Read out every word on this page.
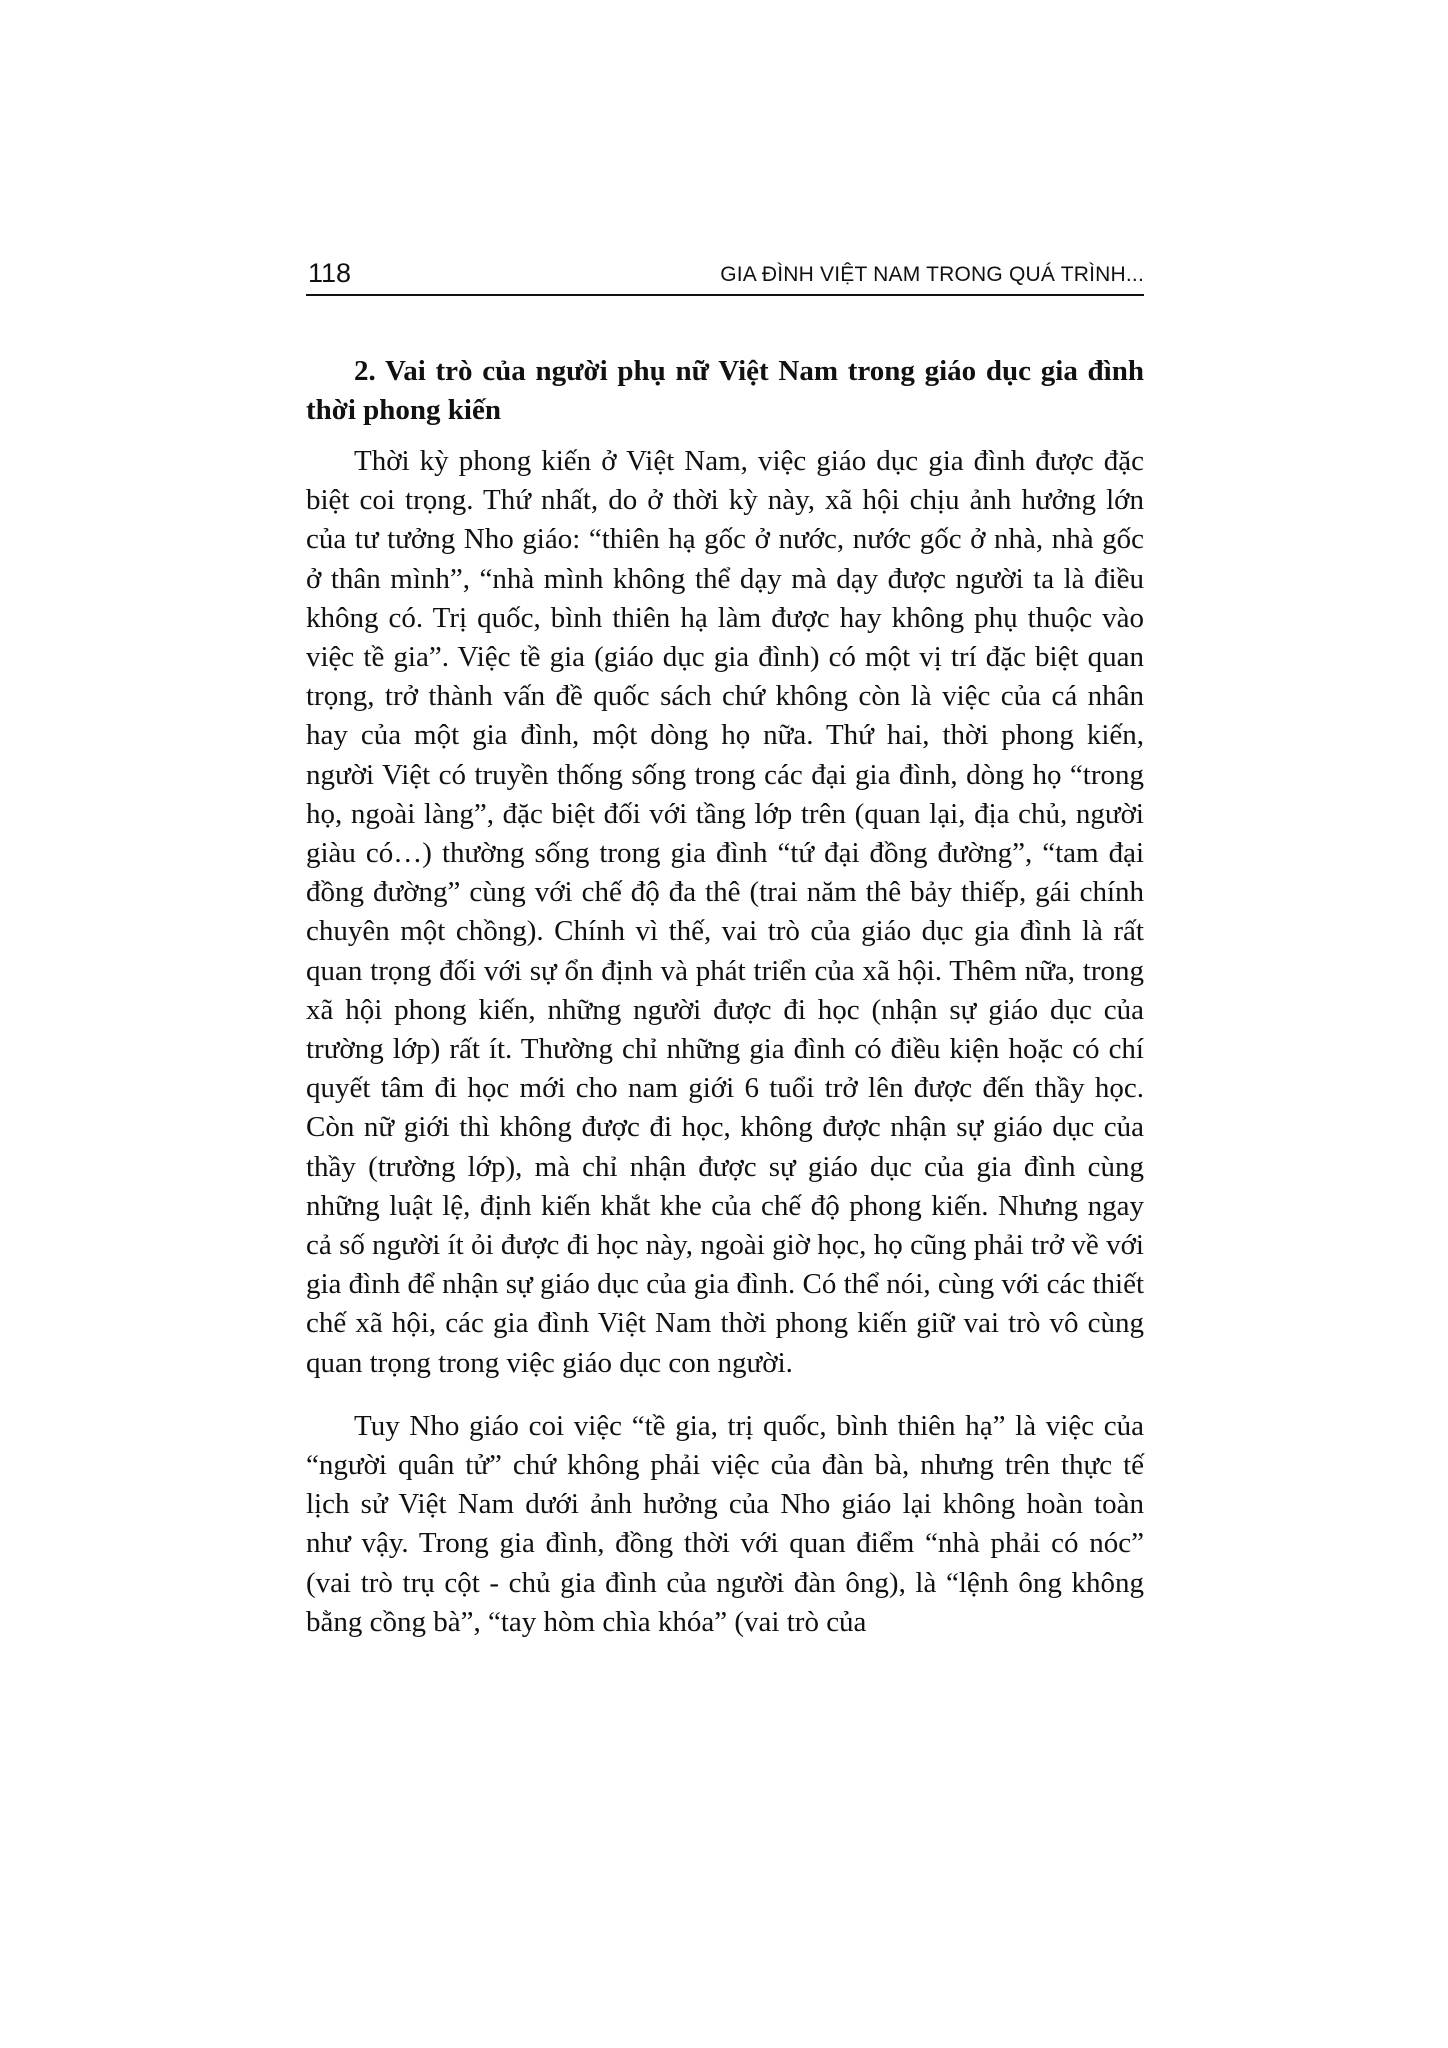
118	GIA ĐÌNH VIỆT NAM TRONG QUÁ TRÌNH...
2. Vai trò của người phụ nữ Việt Nam trong giáo dục gia đình thời phong kiến

Thời kỳ phong kiến ở Việt Nam, việc giáo dục gia đình được đặc biệt coi trọng. Thứ nhất, do ở thời kỳ này, xã hội chịu ảnh hưởng lớn của tư tưởng Nho giáo: “thiên hạ gốc ở nước, nước gốc ở nhà, nhà gốc ở thân mình”, “nhà mình không thể dạy mà dạy được người ta là điều không có. Trị quốc, bình thiên hạ làm được hay không phụ thuộc vào việc tề gia”. Việc tề gia (giáo dục gia đình) có một vị trí đặc biệt quan trọng, trở thành vấn đề quốc sách chứ không còn là việc của cá nhân hay của một gia đình, một dòng họ nữa. Thứ hai, thời phong kiến, người Việt có truyền thống sống trong các đại gia đình, dòng họ “trong họ, ngoài làng”, đặc biệt đối với tầng lớp trên (quan lại, địa chủ, người giàu có…) thường sống trong gia đình “tứ đại đồng đường”, “tam đại đồng đường” cùng với chế độ đa thê (trai năm thê bảy thiếp, gái chính chuyên một chồng). Chính vì thế, vai trò của giáo dục gia đình là rất quan trọng đối với sự ổn định và phát triển của xã hội. Thêm nữa, trong xã hội phong kiến, những người được đi học (nhận sự giáo dục của trường lớp) rất ít. Thường chỉ những gia đình có điều kiện hoặc có chí quyết tâm đi học mới cho nam giới 6 tuổi trở lên được đến thầy học. Còn nữ giới thì không được đi học, không được nhận sự giáo dục của thầy (trường lớp), mà chỉ nhận được sự giáo dục của gia đình cùng những luật lệ, định kiến khắt khe của chế độ phong kiến. Nhưng ngay cả số người ít ỏi được đi học này, ngoài giờ học, họ cũng phải trở về với gia đình để nhận sự giáo dục của gia đình. Có thể nói, cùng với các thiết chế xã hội, các gia đình Việt Nam thời phong kiến giữ vai trò vô cùng quan trọng trong việc giáo dục con người.

Tuy Nho giáo coi việc “tề gia, trị quốc, bình thiên hạ” là việc của “người quân tử” chứ không phải việc của đàn bà, nhưng trên thực tế lịch sử Việt Nam dưới ảnh hưởng của Nho giáo lại không hoàn toàn như vậy. Trong gia đình, đồng thời với quan điểm “nhà phải có nóc” (vai trò trụ cột - chủ gia đình của người đàn ông), là “lệnh ông không bằng cồng bà”, “tay hòm chìa khóa” (vai trò của
